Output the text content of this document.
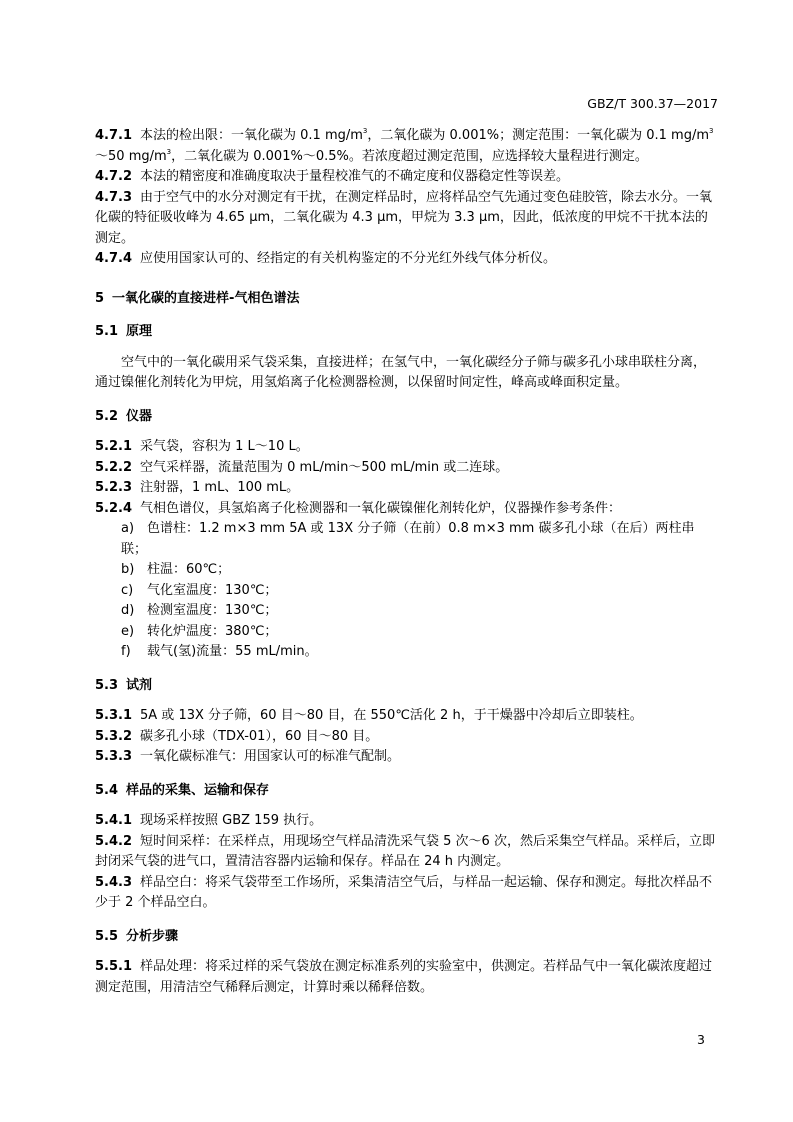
GBZ/T 300.37—2017

4.7.1 本法的检出限：一氧化碳为 0.1 $mg/m^3$，二氧化碳为 0.001%；测定范围：一氧化碳为 0.1 $mg/m^3\sim 50$ $mg/m^3$，二氧化碳为 0.001%～0.5%。若浓度超过测定范围，应选择较大量程进行测定。

4.7.2 本法的精密度和准确度取决于量程校准气的不确定度和仪器稳定性等误差。

4.7.3 由于空气中的水分对测定有干扰，在测定样品时，应将样品空气先通过变色硅胶管，除去水分。一氧化碳的特征吸收峰为 4.65 μm，二氧化碳为 4.3 μm，甲烷为 3.3 μm，因此，低浓度的甲烷不干扰本法的测定。

4.7.4 应使用国家认可的、经指定的有关机构鉴定的不分光红外线气体分析仪。

5 一氧化碳的直接进样-气相色谱法

5.1 原理

空气中的一氧化碳用采气袋采集，直接进样；在氢气中，一氧化碳经分子筛与碳多孔小球串联柱分离，通过镍催化剂转化为甲烷，用氢焰离子化检测器检测，以保留时间定性，峰高或峰面积定量。

5.2 仪器

5.2.1 采气袋，容积为 1 L～10 L。

5.2.2 空气采样器，流量范围为 0 mL/min～500 mL/min 或二连球。

5.2.3 注射器，1 mL、100 mL。

5.2.4 气相色谱仪，具氢焰离子化检测器和一氧化碳镍催化剂转化炉，仪器操作参考条件：

a) 色谱柱：1.2 m×3 mm 5A 或 13X 分子筛（在前）0.8 m×3 mm 碳多孔小球（在后）两柱串联；

b) 柱温：60℃；

c) 气化室温度：130℃；

d) 检测室温度：130℃；

e) 转化炉温度：380℃；

f) 载气(氢)流量：55 mL/min。

5.3 试剂

5.3.1 5A 或 13X 分子筛，60 目～80 目，在 550℃活化 2 h，于干燥器中冷却后立即装柱。

5.3.2 碳多孔小球（TDX-01），60 目～80 目。

5.3.3 一氧化碳标准气：用国家认可的标准气配制。

5.4 样品的采集、运输和保存

5.4.1 现场采样按照 GBZ 159 执行。

5.4.2 短时间采样：在采样点，用现场空气样品清洗采气袋 5 次～6 次，然后采集空气样品。采样后，立即封闭采气袋的进气口，置清洁容器内运输和保存。样品在 24 h 内测定。

5.4.3 样品空白：将采气袋带至工作场所，采集清洁空气后，与样品一起运输、保存和测定。每批次样品不少于 2 个样品空白。

5.5 分析步骤

5.5.1 样品处理：将采过样的采气袋放在测定标准系列的实验室中，供测定。若样品气中一氧化碳浓度超过测定范围，用清洁空气稀释后测定，计算时乘以稀释倍数。

3
